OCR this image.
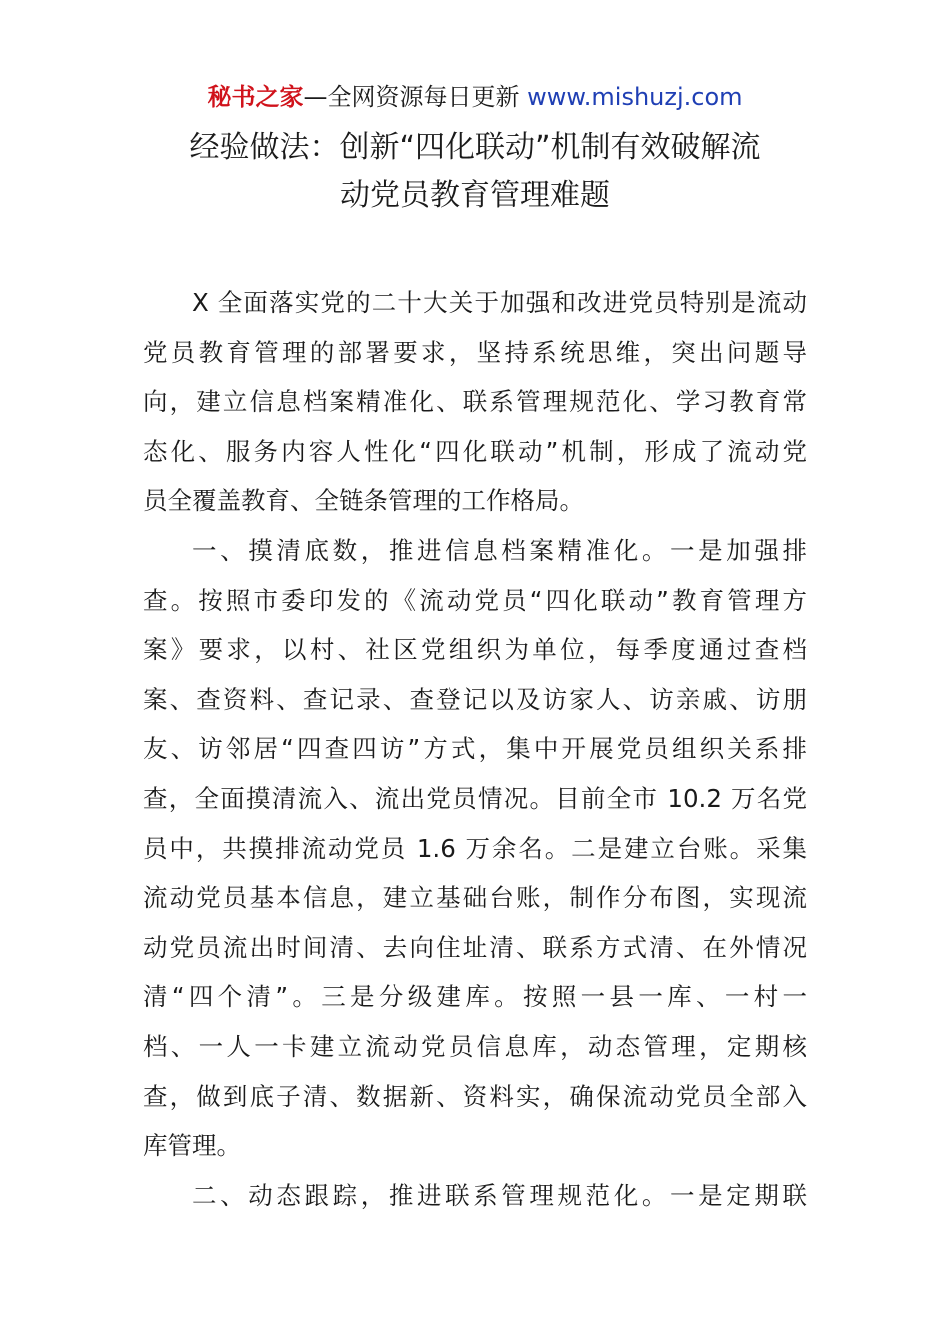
秘书之家—全网资源每日更新 www.mishuzj.com
经验做法：创新“四化联动”机制有效破解流
动党员教育管理难题
X 全面落实党的二十大关于加强和改进党员特别是流动
党员教育管理的部署要求，坚持系统思维，突出问题导
向，建立信息档案精准化、联系管理规范化、学习教育常
态化、服务内容人性化“四化联动”机制，形成了流动党
员全覆盖教育、全链条管理的工作格局。
一、摸清底数，推进信息档案精准化。一是加强排
查。按照市委印发的《流动党员“四化联动”教育管理方
案》要求，以村、社区党组织为单位，每季度通过查档
案、查资料、查记录、查登记以及访家人、访亲戚、访朋
友、访邻居“四查四访”方式，集中开展党员组织关系排
查，全面摸清流入、流出党员情况。目前全市 10.2 万名党
员中，共摸排流动党员 1.6 万余名。二是建立台账。采集
流动党员基本信息，建立基础台账，制作分布图，实现流
动党员流出时间清、去向住址清、联系方式清、在外情况
清“四个清”。三是分级建库。按照一县一库、一村一
档、一人一卡建立流动党员信息库，动态管理，定期核
查，做到底子清、数据新、资料实，确保流动党员全部入
库管理。
二、动态跟踪，推进联系管理规范化。一是定期联
